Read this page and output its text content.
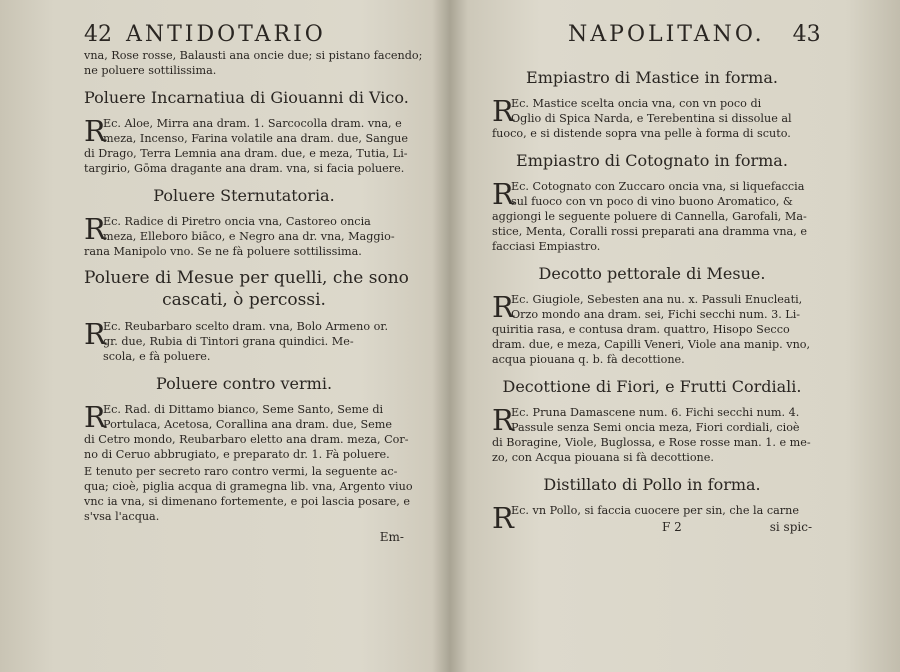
42 ANTIDOTARIO
vna, Rose rosse, Balausti ana oncie due; si pistano facendo;
ne poluere sottilissima.
Poluere Incarnatiua di Giouanni di Vico.
R
Ec. Aloe, Mirra ana dram. 1. Sarcocolla dram. vna, e
meza, Incenso, Farina volatile ana dram. due, Sangue
di Drago, Terra Lemnia ana dram. due, e meza, Tutia, Li-
targirio, Gōma dragante ana dram. vna, si facia poluere.
Poluere Sternutatoria.
R
Ec. Radice di Piretro oncia vna, Castoreo oncia
meza, Elleboro biāco, e Negro ana dr. vna, Maggio-
rana Manipolo vno. Se ne fà poluere sottilissima.
Poluere di Mesue per quelli, che sono
cascati, ò percossi.
R
Ec. Reubarbaro scelto dram. vna, Bolo Armeno or.
gr. due, Rubia di Tintori grana quindici. Me-
scola, e fà poluere.
Poluere contro vermi.
R
Ec. Rad. di Dittamo bianco, Seme Santo, Seme di
Portulaca, Acetosa, Corallina ana dram. due, Seme
di Cetro mondo, Reubarbaro eletto ana dram. meza, Cor-
no di Ceruo abbrugiato, e preparato dr. 1. Fà poluere.
E tenuto per secreto raro contro vermi, la seguente ac-
qua; cioè, piglia acqua di gramegna lib. vna, Argento viuo
vnc ia vna, si dimenano fortemente, e poi lascia posare, e
s'vsa l'acqua.
Em-
NAPOLITANO. 43
Empiastro di Mastice in forma.
R
Ec. Mastice scelta oncia vna, con vn poco di
Oglio di Spica Narda, e Terebentina si dissolue al
fuoco, e si distende sopra vna pelle à forma di scuto.
Empiastro di Cotognato in forma.
R
Ec. Cotognato con Zuccaro oncia vna, si liquefaccia
sul fuoco con vn poco di vino buono Aromatico, &
aggiongi le seguente poluere di Cannella, Garofali, Ma-
stice, Menta, Coralli rossi preparati ana dramma vna, e
facciasi Empiastro.
Decotto pettorale di Mesue.
R
Ec. Giugiole, Sebesten ana nu. x. Passuli Enucleati,
Orzo mondo ana dram. sei, Fichi secchi num. 3. Li-
quiritia rasa, e contusa dram. quattro, Hisopo Secco
dram. due, e meza, Capilli Veneri, Viole ana manip. vno,
acqua piouana q. b. fà decottione.
Decottione di Fiori, e Frutti Cordiali.
R
Ec. Pruna Damascene num. 6. Fichi secchi num. 4.
Passule senza Semi oncia meza, Fiori cordiali, cioè
di Boragine, Viole, Buglossa, e Rose rosse man. 1. e me-
zo, con Acqua piouana si fà decottione.
Distillato di Pollo in forma.
R
Ec. vn Pollo, si faccia cuocere per sin, che la carne
F 2	si spic-
